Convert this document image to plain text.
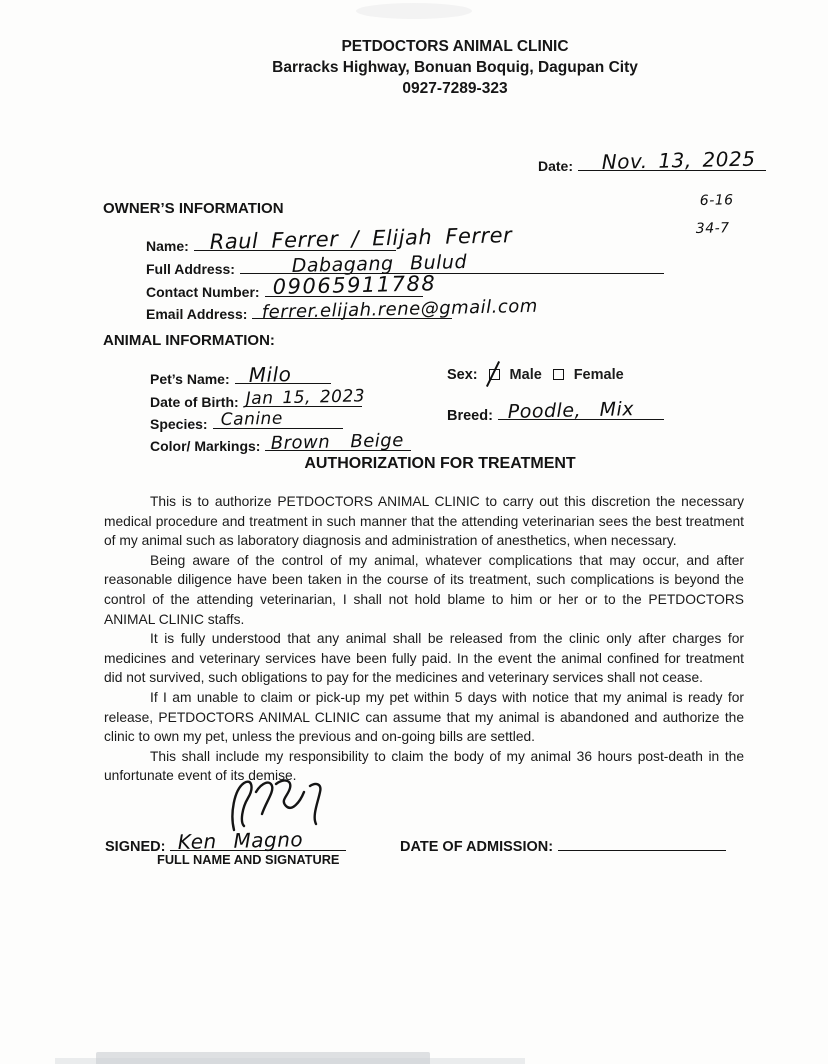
PETDOCTORS ANIMAL CLINIC
Barracks Highway, Bonuan Boquig, Dagupan City
0927-7289-323
Date: Nov. 13, 2025
6-16
34-7
OWNER’S INFORMATION
Name: Raul Ferrer / Elijah Ferrer
Full Address:	Dabagang Bulud
Contact Number: 09065911788
Email Address: ferrer.elijah.rene@gmail.com
ANIMAL INFORMATION:
Pet’s Name: Milo
Date of Birth: Jan 15, 2023
Species: Canine
Color/ Markings: Brown Beige
Sex: Male Female
Breed: Poodle, Mix
AUTHORIZATION FOR TREATMENT

This is to authorize PETDOCTORS ANIMAL CLINIC to carry out this discretion the necessary medical procedure and treatment in such manner that the attending veterinarian sees the best treatment of my animal such as laboratory diagnosis and administration of anesthetics, when necessary.

Being aware of the control of my animal, whatever complications that may occur, and after reasonable diligence have been taken in the course of its treatment, such complications is beyond the control of the attending veterinarian, I shall not hold blame to him or her or to the PETDOCTORS ANIMAL CLINIC staffs.

It is fully understood that any animal shall be released from the clinic only after charges for medicines and veterinary services have been fully paid. In the event the animal confined for treatment did not survived, such obligations to pay for the medicines and veterinary services shall not cease.

If I am unable to claim or pick-up my pet within 5 days with notice that my animal is ready for release, PETDOCTORS ANIMAL CLINIC can assume that my animal is abandoned and authorize the clinic to own my pet, unless the previous and on-going bills are settled.

This shall include my responsibility to claim the body of my animal 36 hours post-death in the unfortunate event of its demise.

SIGNED: Ken Magno
FULL NAME AND SIGNATURE
DATE OF ADMISSION:
